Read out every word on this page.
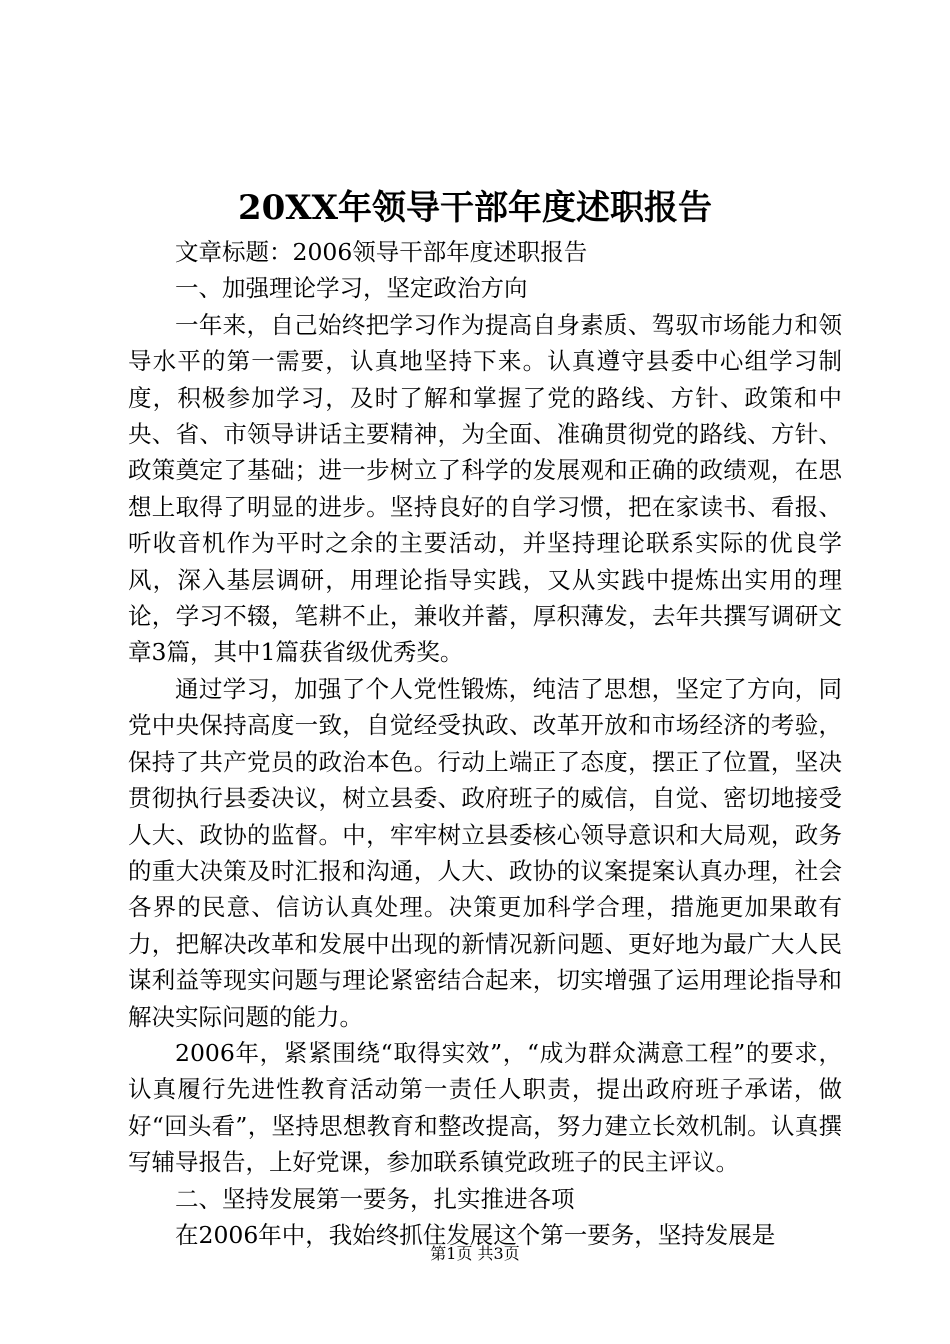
20XX年领导干部年度述职报告

文章标题：2006领导干部年度述职报告

一、加强理论学习，坚定政治方向

一年来，自己始终把学习作为提高自身素质、驾驭市场能力和领导水平的第一需要，认真地坚持下来。认真遵守县委中心组学习制度，积极参加学习，及时了解和掌握了党的路线、方针、政策和中央、省、市领导讲话主要精神，为全面、准确贯彻党的路线、方针、政策奠定了基础；进一步树立了科学的发展观和正确的政绩观，在思想上取得了明显的进步。坚持良好的自学习惯，把在家读书、看报、听收音机作为平时之余的主要活动，并坚持理论联系实际的优良学风，深入基层调研，用理论指导实践，又从实践中提炼出实用的理论，学习不辍，笔耕不止，兼收并蓄，厚积薄发，去年共撰写调研文章3篇，其中1篇获省级优秀奖。

通过学习，加强了个人党性锻炼，纯洁了思想，坚定了方向，同党中央保持高度一致，自觉经受执政、改革开放和市场经济的考验，保持了共产党员的政治本色。行动上端正了态度，摆正了位置，坚决贯彻执行县委决议，树立县委、政府班子的威信，自觉、密切地接受人大、政协的监督。中，牢牢树立县委核心领导意识和大局观，政务的重大决策及时汇报和沟通，人大、政协的议案提案认真办理，社会各界的民意、信访认真处理。决策更加科学合理，措施更加果敢有力，把解决改革和发展中出现的新情况新问题、更好地为最广大人民谋利益等现实问题与理论紧密结合起来，切实增强了运用理论指导和解决实际问题的能力。

2006年，紧紧围绕“取得实效”，“成为群众满意工程”的要求，认真履行先进性教育活动第一责任人职责，提出政府班子承诺，做好“回头看”，坚持思想教育和整改提高，努力建立长效机制。认真撰写辅导报告，上好党课，参加联系镇党政班子的民主评议。

二、坚持发展第一要务，扎实推进各项

在2006年中，我始终抓住发展这个第一要务，坚持发展是

第1页 共3页
